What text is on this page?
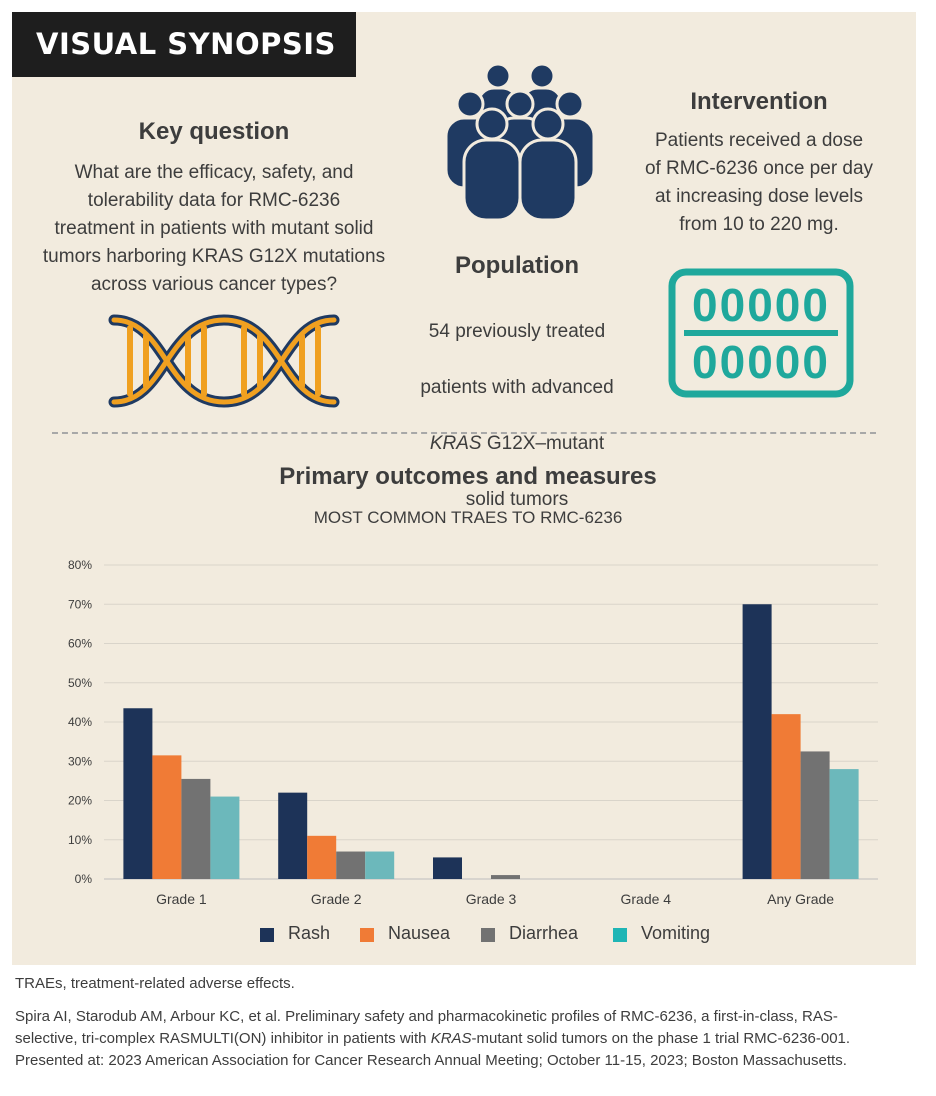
VISUAL SYNOPSIS
Key question
What are the efficacy, safety, and
tolerability data for RMC-6236
treatment in patients with mutant solid
tumors harboring KRAS G12X mutations
across various cancer types?
Population

54 previously treated

patients with advanced

KRAS G12X–mutant

solid tumors

Intervention
Patients received a dose
of RMC-6236 once per day
at increasing dose levels
from 10 to 220 mg.
00000
00000
Primary outcomes and measures
MOST COMMON TRAES TO RMC-6236
0%
10%
20%
30%
40%
50%
60%
70%
80%
Grade 1	Grade 2	Grade 3	Grade 4	Any Grade
Rash	Nausea	Diarrhea	Vomiting
TRAEs, treatment-related adverse effects.
Spira AI, Starodub AM, Arbour KC, et al. Preliminary safety and pharmacokinetic profiles of RMC-6236, a first-in-class, RAS-selective, tri-complex RASMULTI(ON) inhibitor in patients with KRAS-mutant solid tumors on the phase 1 trial RMC-6236-001. Presented at: 2023 American Association for Cancer Research Annual Meeting; October 11-15, 2023; Boston Massachusetts.
